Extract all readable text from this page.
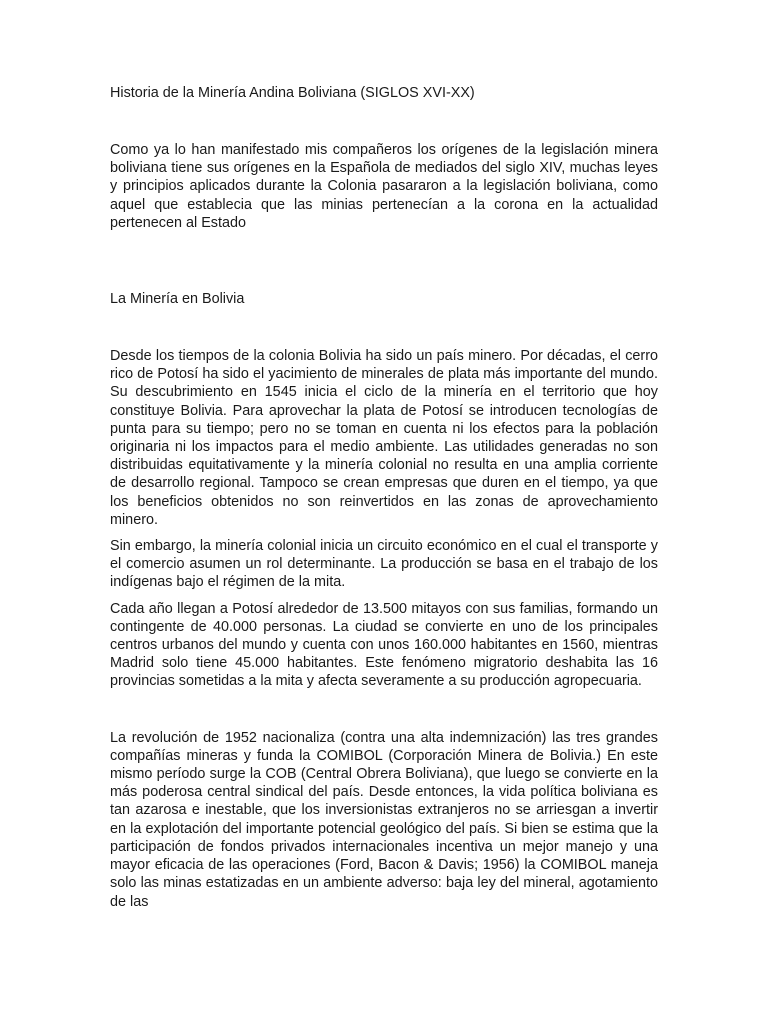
Historia de la Minería Andina Boliviana (SIGLOS XVI-XX)

Como ya lo han manifestado mis compañeros los orígenes de la legislación minera boliviana tiene sus orígenes en la Española de mediados del siglo XIV, muchas leyes y principios aplicados durante la Colonia pasararon a la legislación boliviana, como aquel que establecia que las minias pertenecían a la corona en la actualidad pertenecen al Estado

La Minería en Bolivia

Desde los tiempos de la colonia Bolivia ha sido un país minero. Por décadas, el cerro rico de Potosí ha sido el yacimiento de minerales de plata más importante del mundo. Su descubrimiento en 1545 inicia el ciclo de la minería en el territorio que hoy constituye Bolivia. Para aprovechar la plata de Potosí se introducen tecnologías de punta para su tiempo; pero no se toman en cuenta ni los efectos para la población originaria ni los impactos para el medio ambiente. Las utilidades generadas no son distribuidas equitativamente y la minería colonial no resulta en una amplia corriente de desarrollo regional. Tampoco se crean empresas que duren en el tiempo, ya que los beneficios obtenidos no son reinvertidos en las zonas de aprovechamiento minero.

Sin embargo, la minería colonial inicia un circuito económico en el cual el transporte y el comercio asumen un rol determinante. La producción se basa en el trabajo de los indígenas bajo el régimen de la mita.

Cada año llegan a Potosí alrededor de 13.500 mitayos con sus familias, formando un contingente de 40.000 personas. La ciudad se convierte en uno de los principales centros urbanos del mundo y cuenta con unos 160.000 habitantes en 1560, mientras Madrid solo tiene 45.000 habitantes. Este fenómeno migratorio deshabita las 16 provincias sometidas a la mita y afecta severamente a su producción agropecuaria.

La revolución de 1952 nacionaliza (contra una alta indemnización) las tres grandes compañías mineras y funda la COMIBOL (Corporación Minera de Bolivia.) En este mismo período surge la COB (Central Obrera Boliviana), que luego se convierte en la más poderosa central sindical del país. Desde entonces, la vida política boliviana es tan azarosa e inestable, que los inversionistas extranjeros no se arriesgan a invertir en la explotación del importante potencial geológico del país. Si bien se estima que la participación de fondos privados internacionales incentiva un mejor manejo y una mayor eficacia de las operaciones (Ford, Bacon & Davis; 1956) la COMIBOL maneja solo las minas estatizadas en un ambiente adverso: baja ley del mineral, agotamiento de las
